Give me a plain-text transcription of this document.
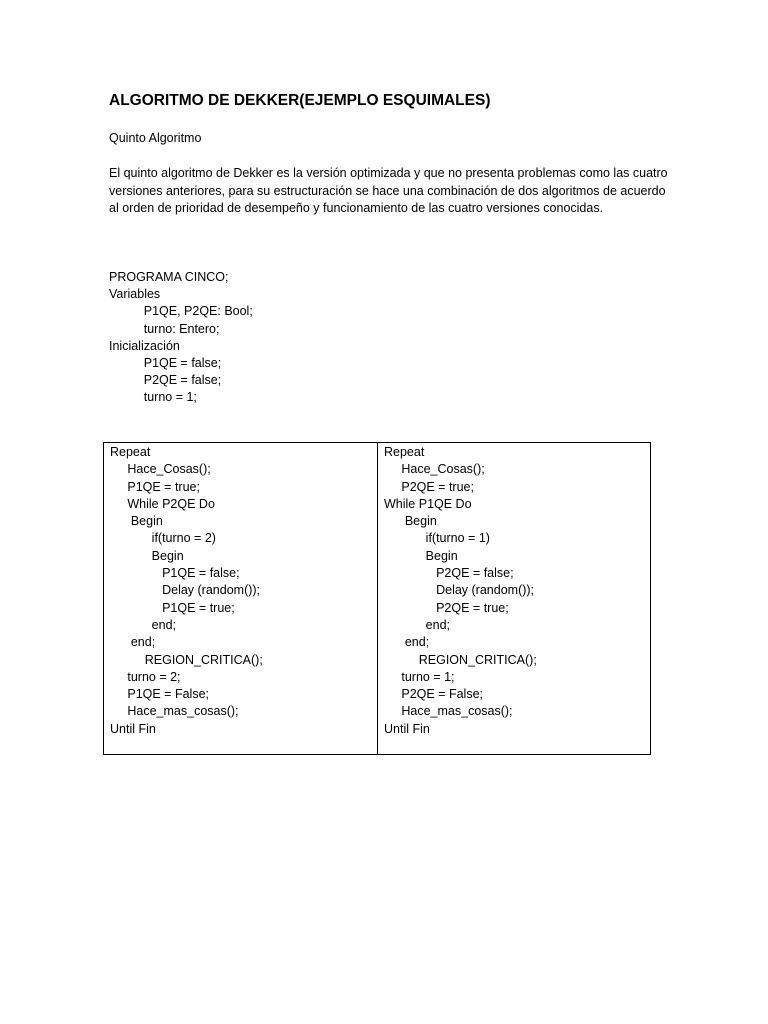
ALGORITMO DE DEKKER(EJEMPLO ESQUIMALES)
Quinto Algoritmo

El quinto algoritmo de Dekker es la versión optimizada y que no presenta problemas como las cuatro versiones anteriores, para su estructuración se hace una combinación de dos algoritmos de acuerdo al orden de prioridad de desempeño y funcionamiento de las cuatro versiones conocidas.

PROGRAMA CINCO;
Variables
P1QE, P2QE: Bool;
turno: Entero;
Inicialización
P1QE = false;
P2QE = false;
turno = 1;
Repeat
Hace_Cosas();
P1QE = true;
While P2QE Do
Begin
if(turno = 2)
Begin
P1QE = false;
Delay (random());
P1QE = true;
end;
end;
REGION_CRITICA();
turno = 2;
P1QE = False;
Hace_mas_cosas();
Until Fin
Repeat
Hace_Cosas();
P2QE = true;
While P1QE Do
Begin
if(turno = 1)
Begin
P2QE = false;
Delay (random());
P2QE = true;
end;
end;
REGION_CRITICA();
turno = 1;
P2QE = False;
Hace_mas_cosas();
Until Fin
